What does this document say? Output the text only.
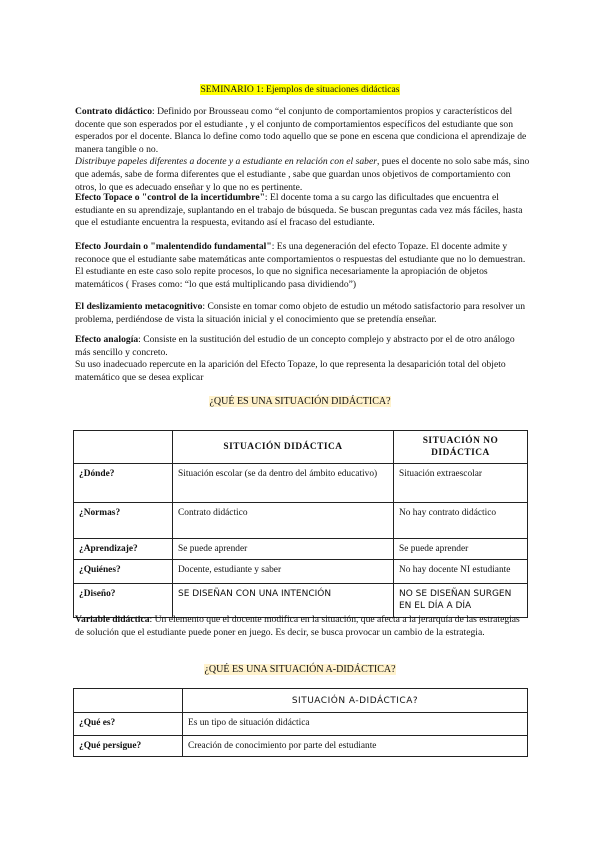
SEMINARIO 1: Ejemplos de situaciones didácticas
Contrato didáctico: Definido por Brousseau como “el conjunto de comportamientos propios y característicos del docente que son esperados por el estudiante , y el conjunto de comportamientos específicos del estudiante que son esperados por el docente. Blanca lo define como todo aquello que se pone en escena que condiciona el aprendizaje de manera tangible o no.
Distribuye papeles diferentes a docente y a estudiante en relación con el saber, pues el docente no solo sabe más, sino que además, sabe de forma diferentes que el estudiante , sabe que guardan unos objetivos de comportamiento con otros, lo que es adecuado enseñar y lo que no es pertinente.
Efecto Topace o "control de la incertidumbre": El docente toma a su cargo las dificultades que encuentra el estudiante en su aprendizaje, suplantando en el trabajo de búsqueda. Se buscan preguntas cada vez más fáciles, hasta que el estudiante encuentra la respuesta, evitando así el fracaso del estudiante.
Efecto Jourdain o "malentendido fundamental": Es una degeneración del efecto Topaze. El docente admite y reconoce que el estudiante sabe matemáticas ante comportamientos o respuestas del estudiante que no lo demuestran. El estudiante en este caso solo repite procesos, lo que no significa necesariamente la apropiación de objetos matemáticos ( Frases como: “lo que está multiplicando pasa dividiendo”)
El deslizamiento metacognitivo: Consiste en tomar como objeto de estudio un método satisfactorio para resolver un problema, perdiéndose de vista la situación inicial y el conocimiento que se pretendía enseñar.
Efecto analogía: Consiste en la sustitución del estudio de un concepto complejo y abstracto por el de otro análogo más sencillo y concreto.
Su uso inadecuado repercute en la aparición del Efecto Topaze, lo que representa la desaparición total del objeto matemático que se desea explicar
¿QUÉ ES UNA SITUACIÓN DIDÁCTICA?
	SITUACIÓN DIDÁCTICA	SITUACIÓN NO DIDÁCTICA
¿Dónde?	Situación escolar (se da dentro del ámbito educativo)	Situación extraescolar
¿Normas?	Contrato didáctico	No hay contrato didáctico
¿Aprendizaje?	Se puede aprender	Se puede aprender
¿Quiénes?	Docente, estudiante y saber	No hay docente NI estudiante
¿Diseño?	SE DISEÑAN CON UNA INTENCIÓN	NO SE DISEÑAN SURGEN EN EL DÍA A DÍA
Variable didáctica: Un elemento que el docente modifica en la situación, que afecta a la jerarquía de las estrategias de solución que el estudiante puede poner en juego. Es decir, se busca provocar un cambio de la estrategia.
¿QUÉ ES UNA SITUACIÓN A-DIDÁCTICA?
	SITUACIÓN A-DIDÁCTICA?
¿Qué es?	Es un tipo de situación didáctica
¿Qué persigue?	Creación de conocimiento por parte del estudiante
